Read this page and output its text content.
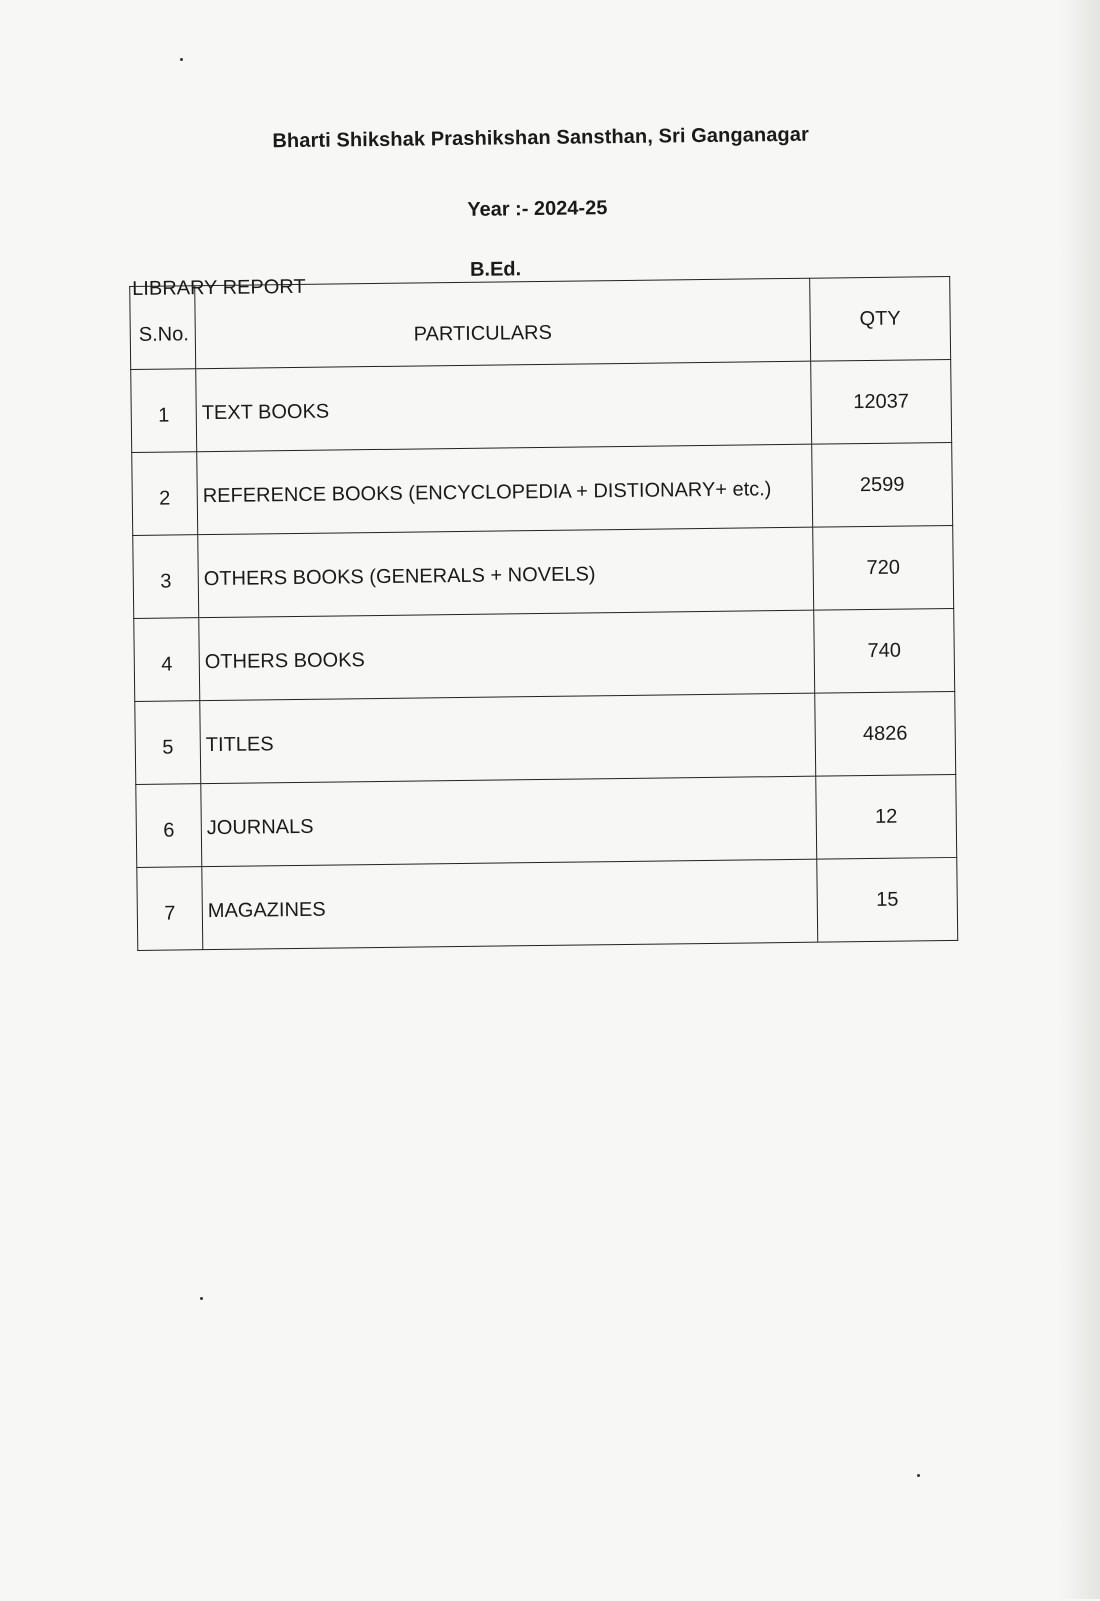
Bharti Shikshak Prashikshan Sansthan, Sri Ganganagar
Year :- 2024-25
LIBRARY REPORT
B.Ed.
S.No.	PARTICULARS	QTY

1	TEXT BOOKS	12037

2	REFERENCE BOOKS (ENCYCLOPEDIA + DISTIONARY+ etc.)	2599

3	OTHERS BOOKS (GENERALS + NOVELS)	720

4	OTHERS BOOKS	740

5	TITLES	4826

6	JOURNALS	12

7	MAGAZINES	15
